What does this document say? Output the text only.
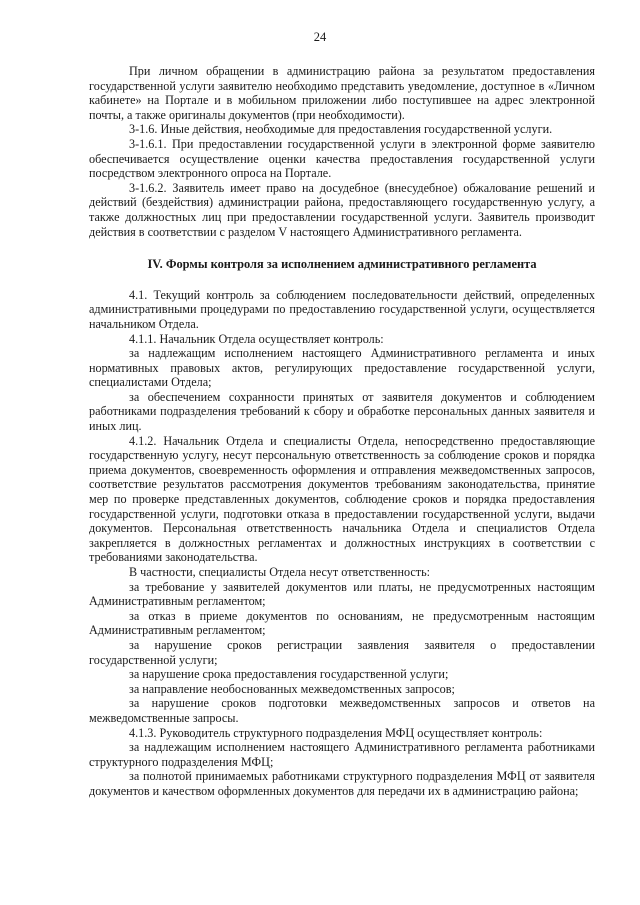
24

При личном обращении в администрацию района за результатом предоставления государственной услуги заявителю необходимо представить уведомление, доступное в «Личном кабинете» на Портале и в мобильном приложении либо поступившее на адрес электронной почты, а также оригиналы документов (при необходимости).

3-1.6. Иные действия, необходимые для предоставления государственной услуги.

3-1.6.1. При предоставлении государственной услуги в электронной форме заявителю обеспечивается осуществление оценки качества предоставления государственной услуги посредством электронного опроса на Портале.

3-1.6.2. Заявитель имеет право на досудебное (внесудебное) обжалование решений и действий (бездействия) администрации района, предоставляющего государственную услугу, а также должностных лиц при предоставлении государственной услуги. Заявитель производит действия в соответствии с разделом V настоящего Административного регламента.

IV. Формы контроля за исполнением административного регламента

4.1. Текущий контроль за соблюдением последовательности действий, определенных административными процедурами по предоставлению государственной услуги, осуществляется начальником Отдела.

4.1.1. Начальник Отдела осуществляет контроль:

за надлежащим исполнением настоящего Административного регламента и иных нормативных правовых актов, регулирующих предоставление государственной услуги, специалистами Отдела;

за обеспечением сохранности принятых от заявителя документов и соблюдением работниками подразделения требований к сбору и обработке персональных данных заявителя и иных лиц.

4.1.2. Начальник Отдела и специалисты Отдела, непосредственно предоставляющие государственную услугу, несут персональную ответственность за соблюдение сроков и порядка приема документов, своевременность оформления и отправления межведомственных запросов, соответствие результатов рассмотрения документов требованиям законодательства, принятие мер по проверке представленных документов, соблюдение сроков и порядка предоставления государственной услуги, подготовки отказа в предоставлении государственной услуги, выдачи документов. Персональная ответственность начальника Отдела и специалистов Отдела закрепляется в должностных регламентах и должностных инструкциях в соответствии с требованиями законодательства.

В частности, специалисты Отдела несут ответственность:

за требование у заявителей документов или платы, не предусмотренных настоящим Административным регламентом;

за отказ в приеме документов по основаниям, не предусмотренным настоящим Административным регламентом;

за нарушение сроков регистрации заявления заявителя о предоставлении государственной услуги;

за нарушение срока предоставления государственной услуги;

за направление необоснованных межведомственных запросов;

за нарушение сроков подготовки межведомственных запросов и ответов на межведомственные запросы.

4.1.3. Руководитель структурного подразделения МФЦ осуществляет контроль:

за надлежащим исполнением настоящего Административного регламента работниками структурного подразделения МФЦ;

за полнотой принимаемых работниками структурного подразделения МФЦ от заявителя документов и качеством оформленных документов для передачи их в администрацию района;
